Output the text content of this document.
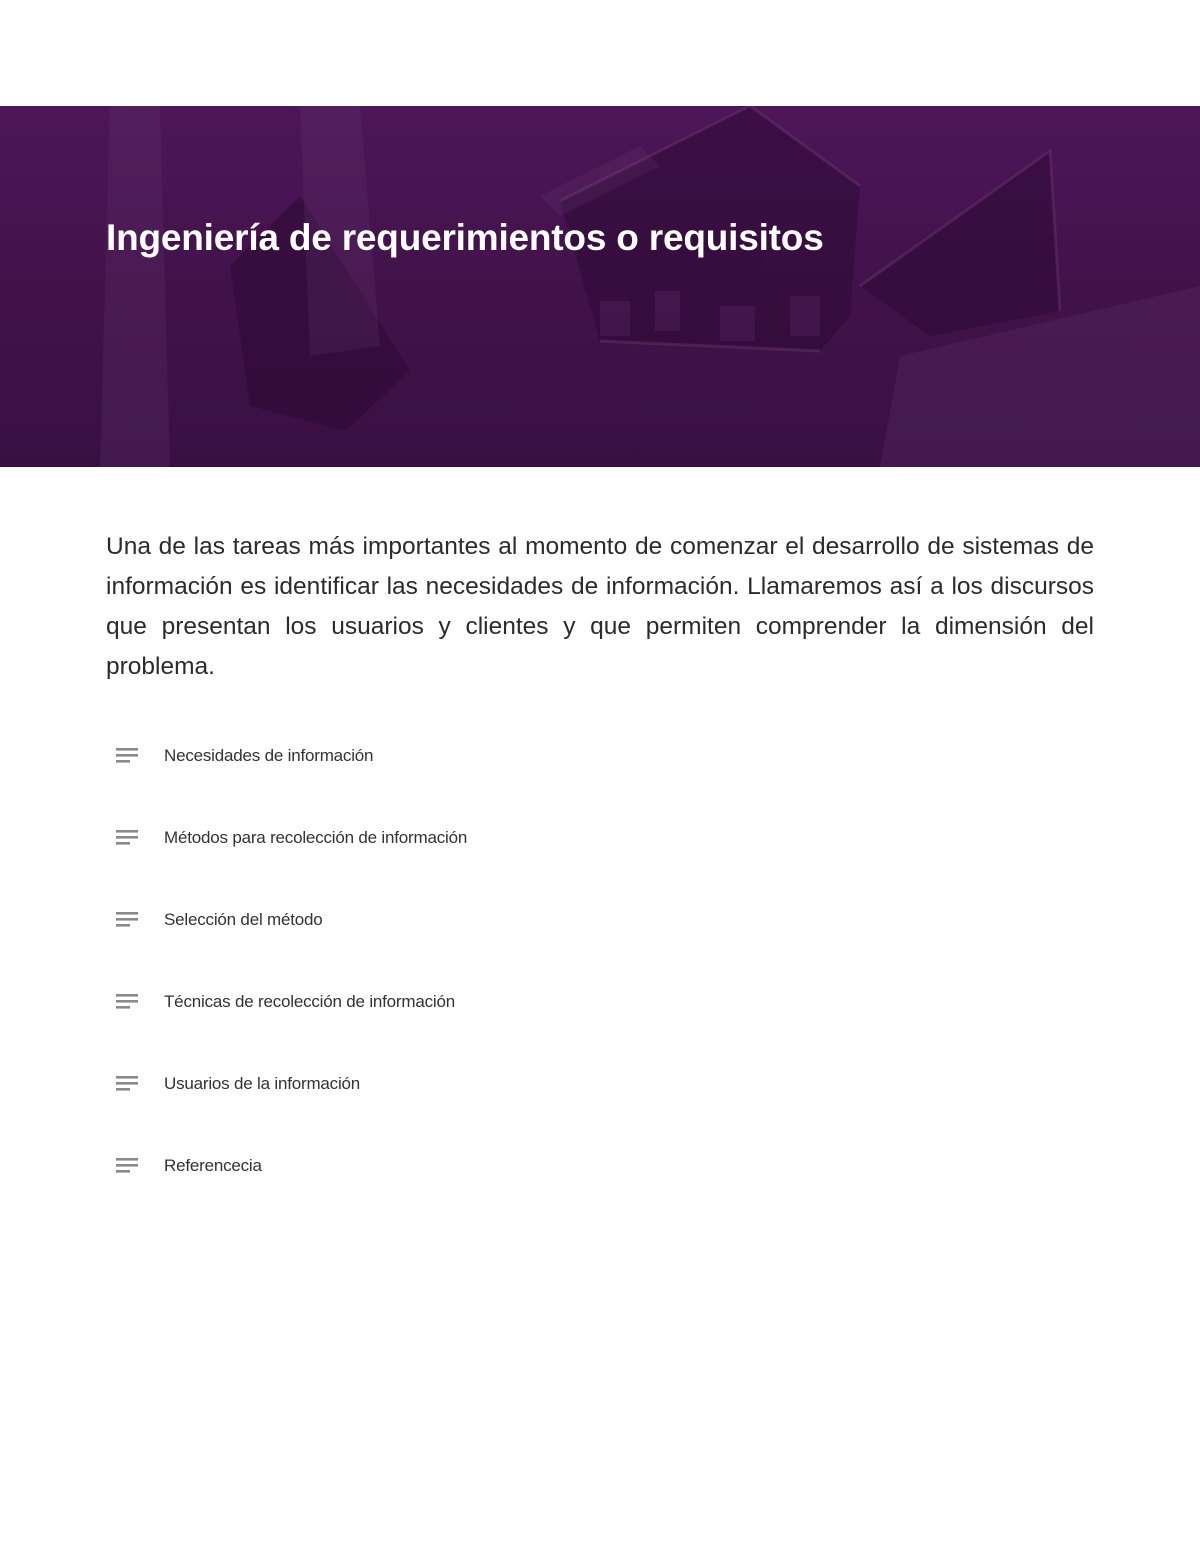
Ingeniería de requerimientos o requisitos

Una de las tareas más importantes al momento de comenzar el desarrollo de sistemas de información es identificar las necesidades de información. Llamaremos así a los discursos que presentan los usuarios y clientes y que permiten comprender la dimensión del problema.

Necesidades de información
Métodos para recolección de información
Selección del método
Técnicas de recolección de información
Usuarios de la información
Referencecia
